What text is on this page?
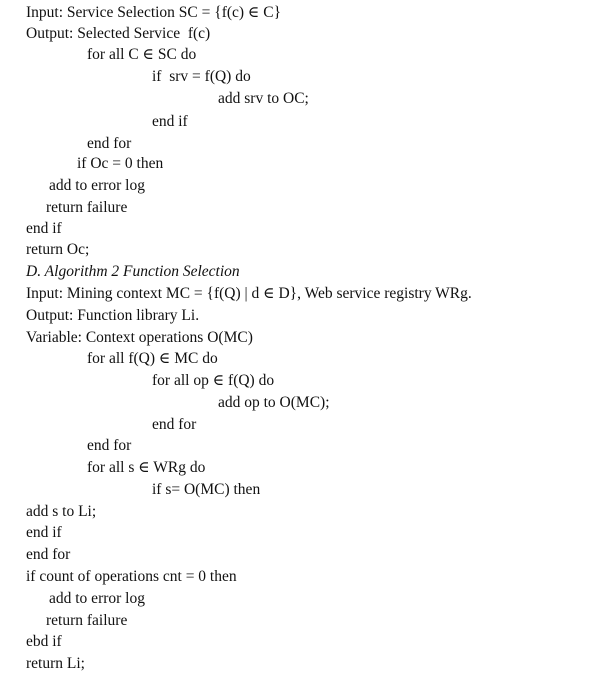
Input: Service Selection SC = {f(c) ∈ C}
Output: Selected Service  f(c)
for all C ∈ SC do
if  srv = f(Q) do
add srv to OC;
end if
end for
if Oc = 0 then
add to error log
return failure
end if
return Oc;
D. Algorithm 2 Function Selection
Input: Mining context MC = {f(Q) | d ∈ D}, Web service registry WRg.
Output: Function library Li.
Variable: Context operations O(MC)
for all f(Q) ∈ MC do
for all op ∈ f(Q) do
add op to O(MC);
end for
end for
for all s ∈ WRg do
if s= O(MC) then
add s to Li;
end if
end for
if count of operations cnt = 0 then
add to error log
return failure
ebd if
return Li;
